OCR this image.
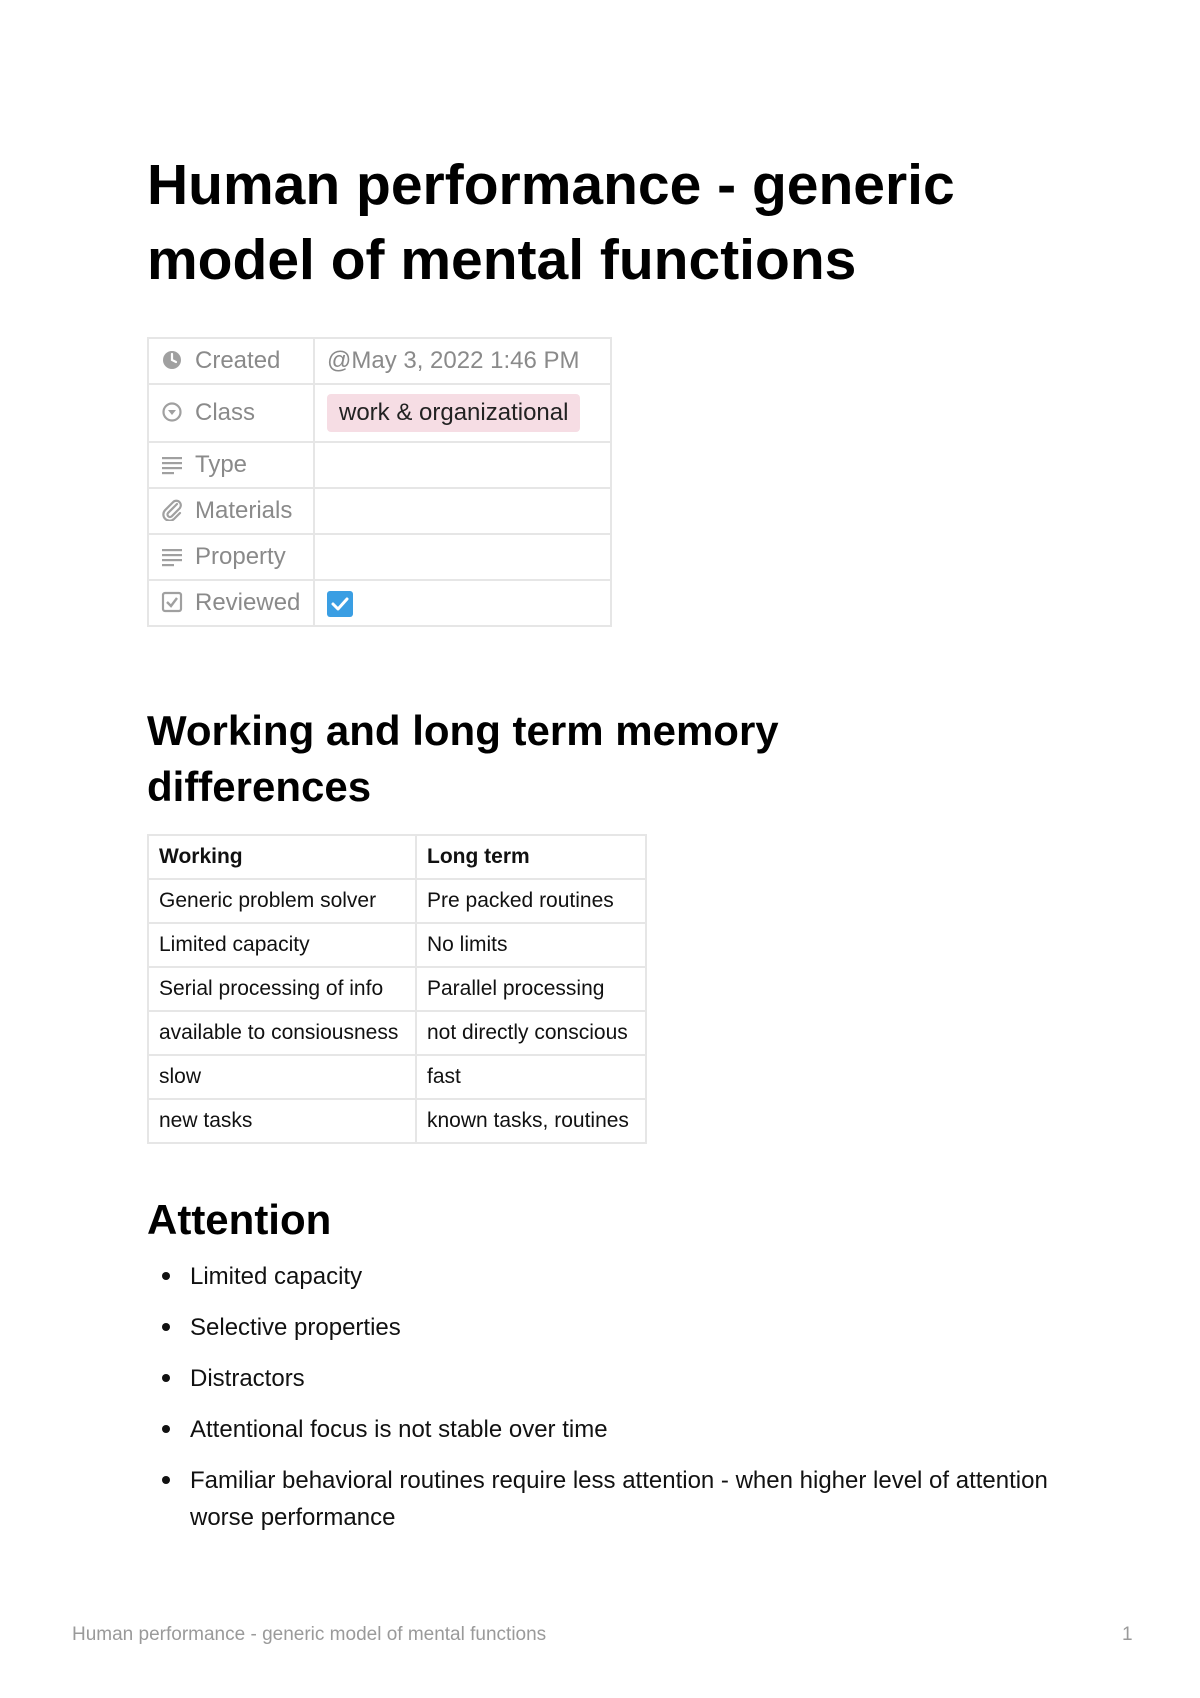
Human performance - generic model of mental functions
Created	@May 3, 2022 1:46 PM

Class	work & organizational

Type	

Materials	

Property	

Reviewed	
Working and long term memory differences
Working	Long term
Generic problem solver	Pre packed routines
Limited capacity	No limits
Serial processing of info	Parallel processing
available to consiousness	not directly conscious
slow	fast
new tasks	known tasks, routines
Attention
Limited capacity
Selective properties
Distractors
Attentional focus is not stable over time
Familiar behavioral routines require less attention - when higher level of attention worse performance
Human performance - generic model of mental functions	1
